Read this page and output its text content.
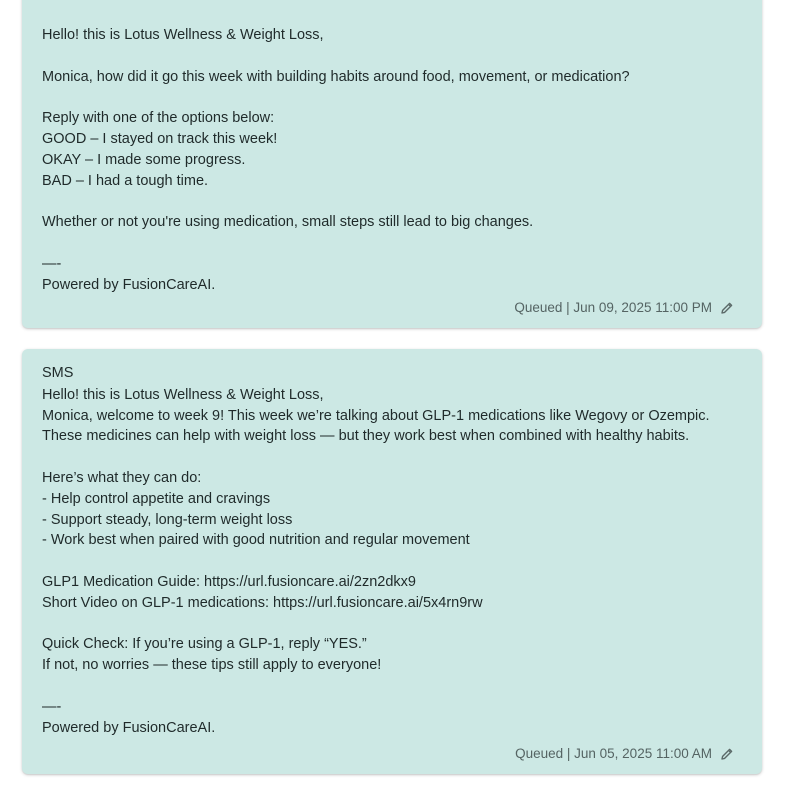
Hello! this is Lotus Wellness & Weight Loss,

Monica, how did it go this week with building habits around food, movement, or medication?

Reply with one of the options below:
GOOD – I stayed on track this week!
OKAY – I made some progress.
BAD – I had a tough time.

Whether or not you're using medication, small steps still lead to big changes.

—-
Powered by FusionCareAI.
Queued | Jun 09, 2025 11:00 PM
SMS
Hello! this is Lotus Wellness & Weight Loss,
Monica, welcome to week 9! This week we’re talking about GLP-1 medications like Wegovy or Ozempic.
These medicines can help with weight loss — but they work best when combined with healthy habits.

Here’s what they can do:
- Help control appetite and cravings
- Support steady, long-term weight loss
- Work best when paired with good nutrition and regular movement

GLP1 Medication Guide: https://url.fusioncare.ai/2zn2dkx9
Short Video on GLP-1 medications: https://url.fusioncare.ai/5x4rn9rw

Quick Check: If you’re using a GLP-1, reply “YES.”
If not, no worries — these tips still apply to everyone!

—-
Powered by FusionCareAI.
Queued | Jun 05, 2025 11:00 AM
